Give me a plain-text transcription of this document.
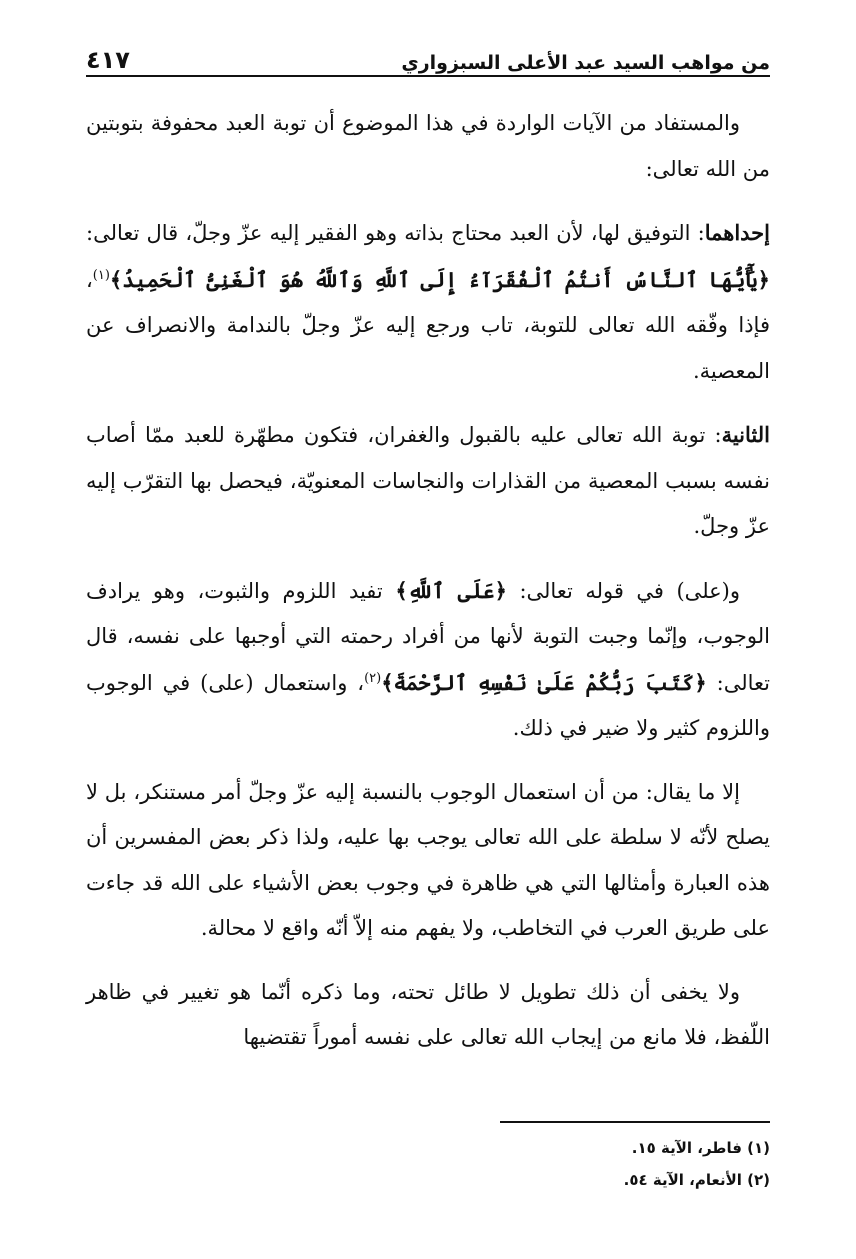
من مواهب السيد عبد الأعلى السبزواري
٤١٧

والمستفاد من الآيات الواردة في هذا الموضوع أن توبة العبد محفوفة بتوبتين من الله تعالى:

إحداهما: التوفيق لها، لأن العبد محتاج بذاته وهو الفقير إليه عزّ وجلّ، قال تعالى: ﴿يَٰٓأَيُّهَا ٱلنَّاسُ أَنتُمُ ٱلْفُقَرَآءُ إِلَى ٱللَّهِ وَٱللَّهُ هُوَ ٱلْغَنِىُّ ٱلْحَمِيدُ﴾$^{(١)}$، فإذا وفّقه الله تعالى للتوبة، تاب ورجع إليه عزّ وجلّ بالندامة والانصراف عن المعصية.

الثانية: توبة الله تعالى عليه بالقبول والغفران، فتكون مطهّرة للعبد ممّا أصاب نفسه بسبب المعصية من القذارات والنجاسات المعنويّة، فيحصل بها التقرّب إليه عزّ وجلّ.

و(على) في قوله تعالى: ﴿عَلَى ٱللَّهِ﴾ تفيد اللزوم والثبوت، وهو يرادف الوجوب، وإنّما وجبت التوبة لأنها من أفراد رحمته التي أوجبها على نفسه، قال تعالى: ﴿كَتَبَ رَبُّكُمْ عَلَىٰ نَفْسِهِ ٱلرَّحْمَةَ﴾$^{(٢)}$، واستعمال (على) في الوجوب واللزوم كثير ولا ضير في ذلك.

إلا ما يقال: من أن استعمال الوجوب بالنسبة إليه عزّ وجلّ أمر مستنكر، بل لا يصلح لأنّه لا سلطة على الله تعالى يوجب بها عليه، ولذا ذكر بعض المفسرين أن هذه العبارة وأمثالها التي هي ظاهرة في وجوب بعض الأشياء على الله قد جاءت على طريق العرب في التخاطب، ولا يفهم منه إلاّ أنّه واقع لا محالة.

ولا يخفى أن ذلك تطويل لا طائل تحته، وما ذكره أنّما هو تغيير في ظاهر اللّفظ، فلا مانع من إيجاب الله تعالى على نفسه أموراً تقتضيها

(١) فاطر، الآية ١٥.
(٢) الأنعام، الآية ٥٤.
